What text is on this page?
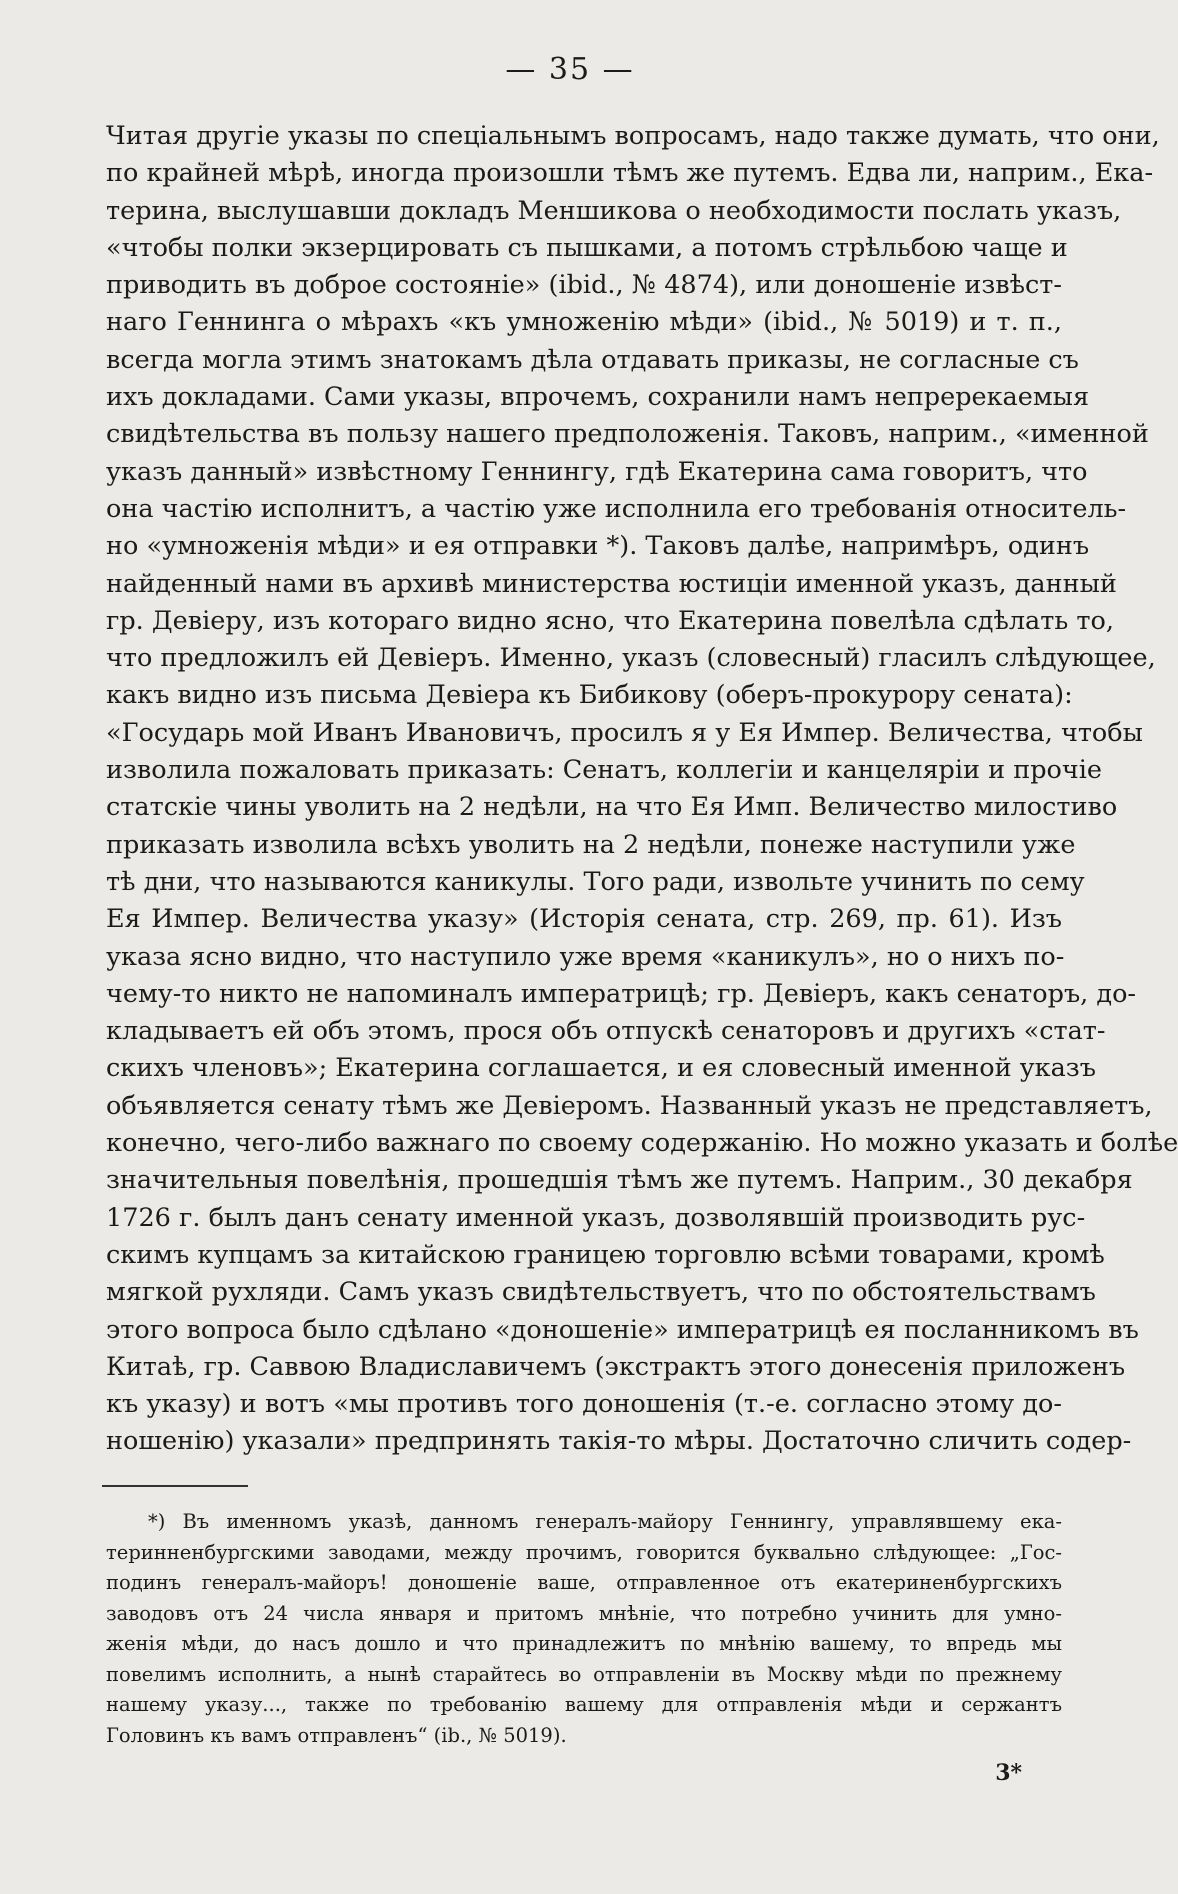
— 35 —
Читая другіе указы по спеціальнымъ вопросамъ, надо также думать, что они,
по крайней мѣрѣ, иногда произошли тѣмъ же путемъ. Едва ли, наприм., Ека-
терина, выслушавши докладъ Меншикова о необходимости послать указъ,
«чтобы полки экзерцировать съ пышками, а потомъ стрѣльбою чаще и
приводить въ доброе состояніе» (ibid., № 4874), или доношеніе извѣст-
наго Геннинга о мѣрахъ «къ умноженію мѣди» (ibid., № 5019) и т. п.,
всегда могла этимъ знатокамъ дѣла отдавать приказы, не согласные съ
ихъ докладами. Сами указы, впрочемъ, сохранили намъ непререкаемыя
свидѣтельства въ пользу нашего предположенія. Таковъ, наприм., «именной
указъ данный» извѣстному Геннингу, гдѣ Екатерина сама говоритъ, что
она частію исполнитъ, а частію уже исполнила его требованія относитель-
но «умноженія мѣди» и ея отправки *). Таковъ далѣе, напримѣръ, одинъ
найденный нами въ архивѣ министерства юстиціи именной указъ, данный
гр. Девіеру, изъ котораго видно ясно, что Екатерина повелѣла сдѣлать то,
что предложилъ ей Девіеръ. Именно, указъ (словесный) гласилъ слѣдующее,
какъ видно изъ письма Девіера къ Бибикову (оберъ-прокурору сената):
«Государь мой Иванъ Ивановичъ, просилъ я у Ея Импер. Величества, чтобы
изволила пожаловать приказать: Сенатъ, коллегіи и канцеляріи и прочіе
статскіе чины уволить на 2 недѣли, на что Ея Имп. Величество милостиво
приказать изволила всѣхъ уволить на 2 недѣли, понеже наступили уже
тѣ дни, что называются каникулы. Того ради, извольте учинить по сему
Ея Импер. Величества указу» (Исторія сената, стр. 269, пр. 61). Изъ
указа ясно видно, что наступило уже время «каникулъ», но о нихъ по-
чему-то никто не напоминалъ императрицѣ; гр. Девіеръ, какъ сенаторъ, до-
кладываетъ ей объ этомъ, прося объ отпускѣ сенаторовъ и другихъ «стат-
скихъ членовъ»; Екатерина соглашается, и ея словесный именной указъ
объявляется сенату тѣмъ же Девіеромъ. Названный указъ не представляетъ,
конечно, чего-либо важнаго по своему содержанію. Но можно указать и болѣе
значительныя повелѣнія, прошедшія тѣмъ же путемъ. Наприм., 30 декабря
1726 г. былъ данъ сенату именной указъ, дозволявшій производить рус-
скимъ купцамъ за китайскою границею торговлю всѣми товарами, кромѣ
мягкой рухляди. Самъ указъ свидѣтельствуетъ, что по обстоятельствамъ
этого вопроса было сдѣлано «доношеніе» императрицѣ ея посланникомъ въ
Китаѣ, гр. Саввою Владиславичемъ (экстрактъ этого донесенія приложенъ
къ указу) и вотъ «мы противъ того доношенія (т.-е. согласно этому до-
ношенію) указали» предпринять такія-то мѣры. Достаточно сличить содер-
*) Въ именномъ указѣ, данномъ генералъ-майору Геннингу, управлявшему ека-
теринненбургскими заводами, между прочимъ, говорится буквально слѣдующее: „Гос-
подинъ генералъ-майоръ! доношеніе ваше, отправленное отъ екатериненбургскихъ
заводовъ отъ 24 числа января и притомъ мнѣніе, что потребно учинить для умно-
женія мѣди, до насъ дошло и что принадлежитъ по мнѣнію вашему, то впредь мы
повелимъ исполнить, а нынѣ старайтесь во отправленіи въ Москву мѣди по прежнему
нашему указу..., также по требованію вашему для отправленія мѣди и сержантъ
Головинъ къ вамъ отправленъ“ (ib., № 5019).
3*
